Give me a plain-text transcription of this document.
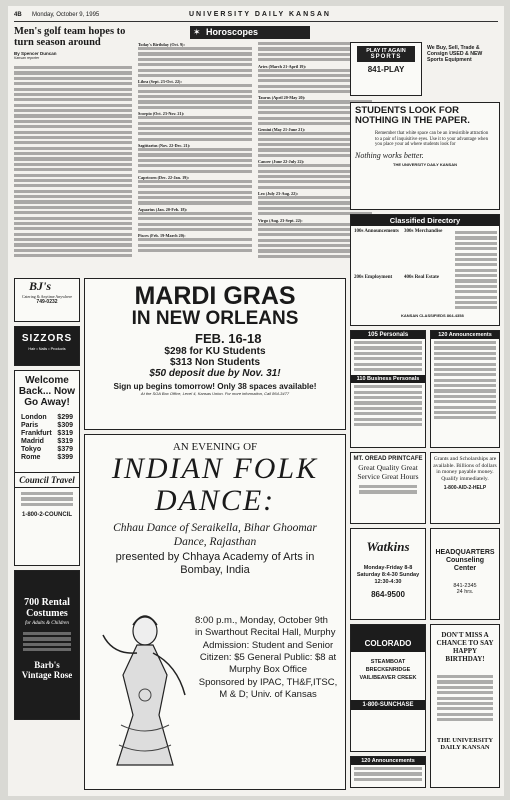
4B Monday, October 9, 1995	UNIVERSITY DAILY KANSAN
Men's golf team hopes to turn season around
By Spencer Duncan
Kansan reporter
✶ Horoscopes
Today's Birthday (Oct. 9):
Libra (Sept. 23-Oct. 22):
Scorpio (Oct. 23-Nov. 21):
Sagittarius (Nov. 22-Dec. 21):
Capricorn (Dec. 22-Jan. 19):
Aquarius (Jan. 20-Feb. 18):
Pisces (Feb. 19-March 20):
Aries (March 21-April 19):
Taurus (April 20-May 20):
Gemini (May 21-June 21):
Cancer (June 22-July 22):
Leo (July 23-Aug. 22):
Virgo (Aug. 23-Sept. 22):
PLAY IT AGAIN
SPORTS
841-PLAY
We Buy, Sell, Trade & Consign USED & NEW Sports Equipment
STUDENTS LOOK FOR NOTHING IN THE PAPER.
Remember that white space can be an irresistible attraction to a pair of inquisitive eyes. Use it to your advantage when you place your ad where students look for
Nothing works better.
THE UNIVERSITY DAILY KANSAN
Classified Directory
100s Announcements	300s Merchandise
200s Employment	400s Real Estate
KANSAN CLASSIFIEDS 864-4358
BJ's
Catering & Anytime Anywhere
749-0232
SIZZORS
Hair • Nails • Products
MARDI GRAS
IN NEW ORLEANS
FEB. 16-18
$298 for KU Students
$313 Non Students
$50 deposit due by Nov. 31!
Sign up begins tomorrow! Only 38 spaces available!
At the SOA Box Office, Level 4, Kansas Union. For more information, Call 864-3477
Welcome Back... Now Go Away!
London $299
Paris	$309
Frankfurt $319
Madrid $319
Tokyo $379
Rome $399
Council Travel
1-800-2-COUNCIL
AN EVENING OF
INDIAN FOLK
DANCE:
Chhau Dance of Seraikella, Bihar Ghoomar Dance, Rajasthan
presented by Chhaya Academy of Arts in Bombay, India
8:00 p.m., Monday, October 9th
in Swarthout Recital Hall, Murphy
Admission: Student and Senior Citizen: $5 General Public: $8 at Murphy Box Office
Sponsored by IPAC, TH&F,ITSC, M & D; Univ. of Kansas
700 Rental Costumes
for Adults & Children
Barb's Vintage Rose
105 Personals
110 Business Personals
120 Announcements
MT. OREAD PRINTCAFE
Great Quality Great Service Great Hours
Grants and Scholarships are available. Billions of dollars in money payable money. Qualify immediately.
1-800-AID-2-HELP
Watkins
Monday-Friday 8-8 Saturday 8:4-30 Sunday 12:30-4:30
864-9500
HEADQUARTERS Counseling Center
841-2345
24 hrs.
COLORADO
STEAMBOAT BRECKENRIDGE VAIL/BEAVER CREEK
1-800-SUNCHASE
DON'T MISS A CHANCE TO SAY HAPPY BIRTHDAY!
THE UNIVERSITY DAILY KANSAN
120 Announcements
